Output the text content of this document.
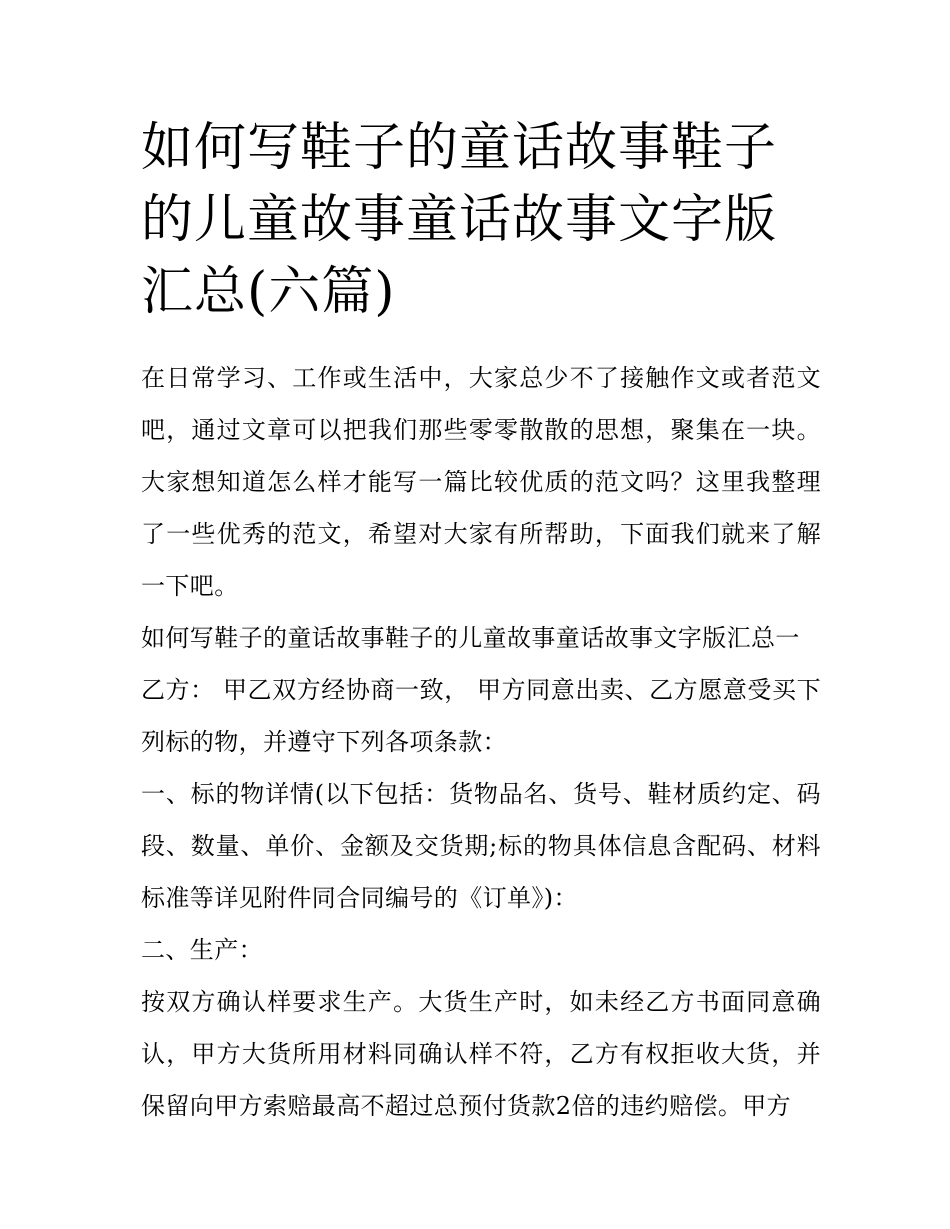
如何写鞋子的童话故事鞋子的儿童故事童话故事文字版汇总(六篇)

在日常学习、工作或生活中，大家总少不了接触作文或者范文吧，通过文章可以把我们那些零零散散的思想，聚集在一块。大家想知道怎么样才能写一篇比较优质的范文吗？这里我整理了一些优秀的范文，希望对大家有所帮助，下面我们就来了解一下吧。

如何写鞋子的童话故事鞋子的儿童故事童话故事文字版汇总一

乙方： 甲乙双方经协商一致， 甲方同意出卖、乙方愿意受买下列标的物，并遵守下列各项条款：

一、标的物详情(以下包括：货物品名、货号、鞋材质约定、码段、数量、单价、金额及交货期;标的物具体信息含配码、材料标准等详见附件同合同编号的《订单》)：

二、生产：

按双方确认样要求生产。大货生产时，如未经乙方书面同意确认，甲方大货所用材料同确认样不符，乙方有权拒收大货，并保留向甲方索赔最高不超过总预付货款2倍的违约赔偿。甲方
